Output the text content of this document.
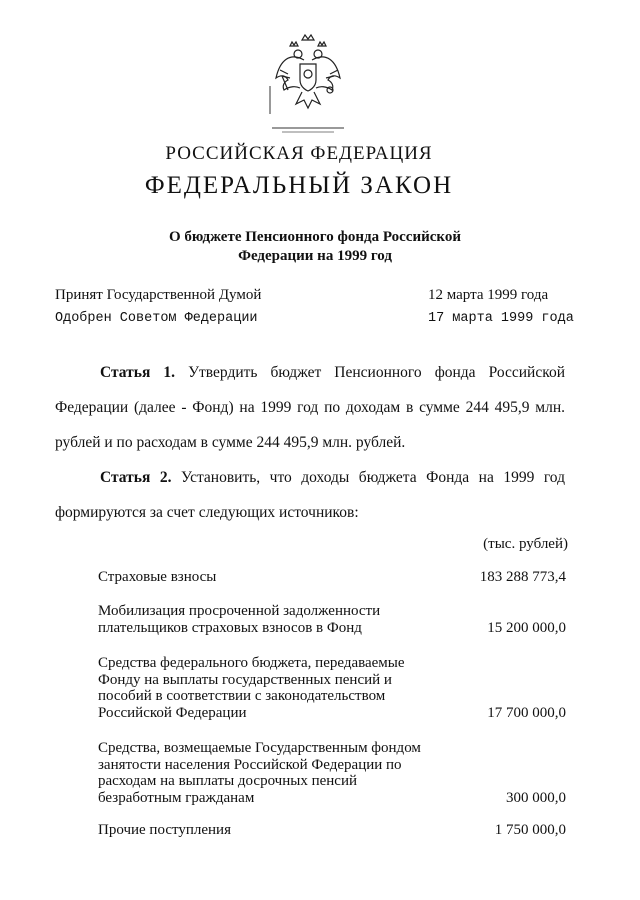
РОССИЙСКАЯ ФЕДЕРАЦИЯ
ФЕДЕРАЛЬНЫЙ ЗАКОН
О бюджете Пенсионного фонда Российской
Федерации на 1999 год
Принят Государственной Думой	12 марта 1999 года
Одобрен Советом Федерации	17 марта 1999 года

Статья 1. Утвердить бюджет Пенсионного фонда Российской Федерации (далее - Фонд) на 1999 год по доходам в сумме 244 495,9 млн. рублей и по расходам в сумме 244 495,9 млн. рублей.

Статья 2. Установить, что доходы бюджета Фонда на 1999 год формируются за счет следующих источников:

(тыс. рублей)
Страховые взносы	183 288 773,4
Мобилизация просроченной задолженности плательщиков страховых взносов в Фонд	15 200 000,0
Средства федерального бюджета, передаваемые Фонду на выплаты государственных пенсий и пособий в соответствии с законодательством Российской Федерации	17 700 000,0
Средства, возмещаемые Государственным фондом занятости населения Российской Федерации по расходам на выплаты досрочных пенсий безработным гражданам	300 000,0
Прочие поступления	1 750 000,0
